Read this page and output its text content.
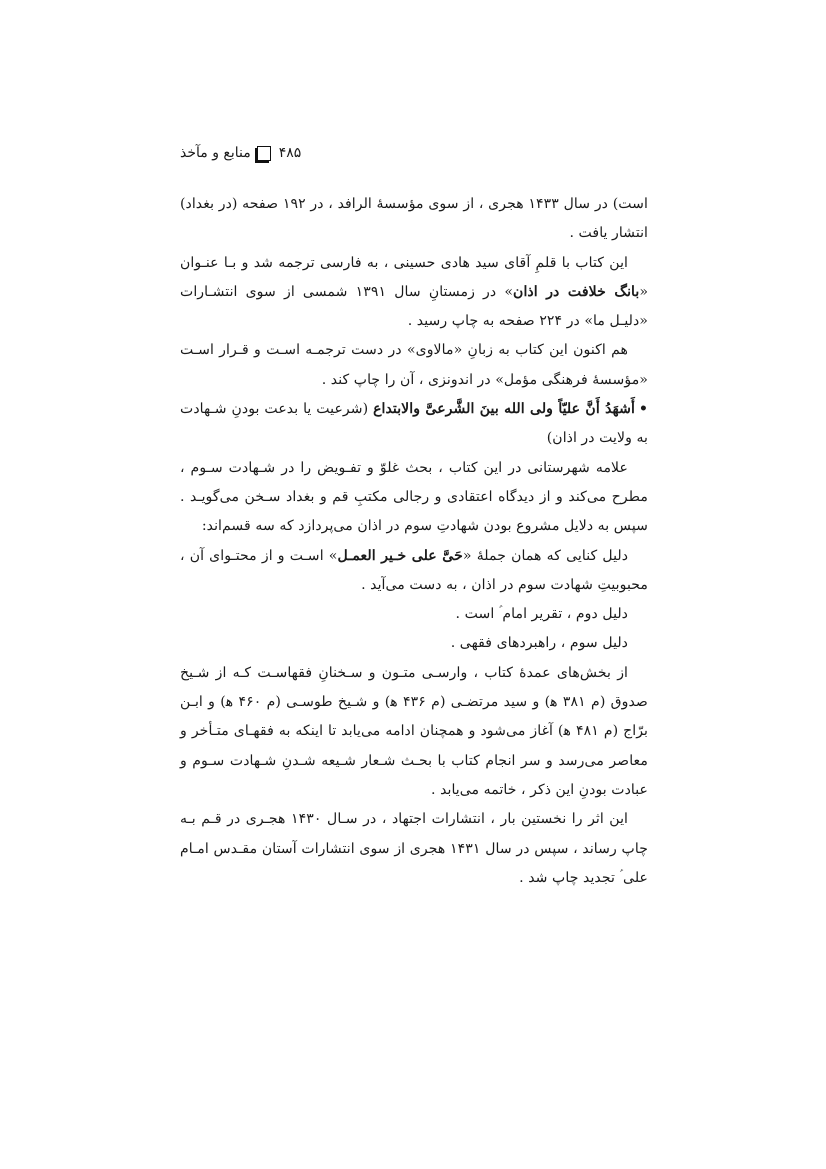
منابع و مآخذ ۴۸۵

است) در سال ۱۴۳۳ هجری ، از سوی مؤسسهٔ الرافد ، در ۱۹۲ صفحه (در بغداد) انتشار یافت .

این کتاب با قلمِ آقای سید هادی حسینی ، به فارسی ترجمه شد و بـا عنـوان «بانگ خلافت در اذان» در زمستانِ سال ۱۳۹۱ شمسی از سوی انتشـارات «دلیـل ما» در ۲۲۴ صفحه به چاپ رسید .

هم اکنون این کتاب به زبانِ «مالاوی» در دست ترجمـه اسـت و قـرار اسـت «مؤسسهٔ فرهنگی مؤمل» در اندونزی ، آن را چاپ کند .

•أَشهَدُ أَنَّ علیّاً ولی الله بینَ الشَّرعیَّ والابتداع (شرعیت یا بدعت بودنِ شـهادت به ولایت در اذان)

علامه شهرستانی در این کتاب ، بحث غلوّ و تفـویض را در شـهادت سـوم ، مطرح می‌کند و از دیدگاه اعتقادی و رجالی مکتبِ قم و بغداد سـخن می‌گویـد . سپس به دلایل مشروع بودن شهادتِ سوم در اذان می‌پردازد که سه قسم‌اند:

دلیل کنایی که همان جملهٔ «حَیَّ علی خـیر العمـل» اسـت و از محتـوای آن ، محبوبیتِ شهادت سوم در اذان ، به دست می‌آید .

دلیل دوم ، تقریر امام ؑ است .

دلیل سوم ، راهبردهای فقهی .

از بخش‌های عمدهٔ کتاب ، وارسـی متـون و سـخنانِ فقهاسـت کـه از شـیخ صدوق (م ۳۸۱ ه‍) و سید مرتضـی (م ۴۳۶ ه‍) و شـیخ طوسـی (م ۴۶۰ ه‍) و ابـن برّاج (م ۴۸۱ ه‍) آغاز می‌شود و همچنان ادامه می‌یابد تا اینکه به فقهـای متـأخر و معاصر می‌رسد و سر انجام کتاب با بحـث شـعار شـیعه شـدنِ شـهادت سـوم و عبادت بودنِ این ذکر ، خاتمه می‌یابد .

این اثر را نخستین بار ، انتشارات اجتهاد ، در سـال ۱۴۳۰ هجـری در قـم بـه چاپ رساند ، سپس در سال ۱۴۳۱ هجری از سوی انتشارات آستان مقـدس امـام علی ؑ تجدید چاپ شد .
